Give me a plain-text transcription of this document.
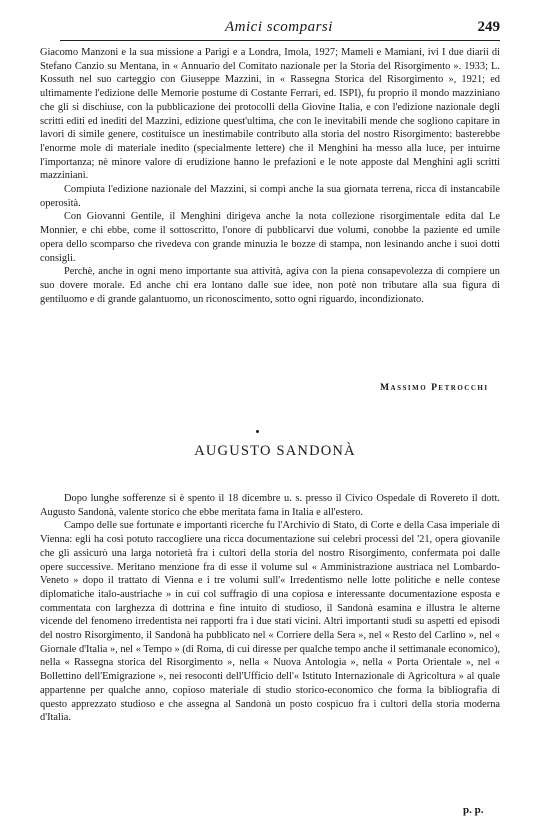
Amici scomparsi	249

Giacomo Manzoni e la sua missione a Parigi e a Londra, Imola, 1927; Mameli e Mamiani, ivi I due diarii di Stefano Canzio su Mentana, in « Annuario del Comitato nazionale per la Storia del Risorgimento ». 1933; L. Kossuth nel suo carteggio con Giuseppe Mazzini, in « Rassegna Storica del Risorgimento », 1921; ed ultimamente l'edizione delle Memorie postume di Costante Ferrari, ed. ISPI), fu proprio il mondo mazziniano che gli si dischiuse, con la pubblicazione dei protocolli della Giovine Italia, e con l'edizione nazionale degli scritti editi ed inediti del Mazzini, edizione quest'ultima, che con le inevitabili mende che sogliono capitare in lavori di simile genere, costituisce un inestimabile contributo alla storia del nostro Risorgimento: basterebbe l'enorme mole di materiale inedito (specialmente lettere) che il Menghini ha messo alla luce, per intuirne l'importanza; nè minore valore di erudizione hanno le prefazioni e le note apposte dal Menghini agli scritti mazziniani.

Compiuta l'edizione nazionale del Mazzini, si compì anche la sua giornata terrena, ricca di instancabile operosità.

Con Giovanni Gentile, il Menghini dirigeva anche la nota collezione risorgimentale edita dal Le Monnier, e chi ebbe, come il sottoscritto, l'onore di pubblicarvi due volumi, conobbe la paziente ed umile opera dello scomparso che rivedeva con grande minuzia le bozze di stampa, non lesinando anche i suoi dotti consigli.

Perchè, anche in ogni meno importante sua attività, agiva con la piena consapevolezza di compiere un suo dovere morale. Ed anche chi era lontano dalle sue idee, non potè non tributare alla sua figura di gentiluomo e di grande galantuomo, un riconoscimento, sotto ogni riguardo, incondizionato.

Massimo Petrocchi
AUGUSTO SANDONÀ

Dopo lunghe sofferenze si è spento il 18 dicembre u. s. presso il Civico Ospedale di Rovereto il dott. Augusto Sandonà, valente storico che ebbe meritata fama in Italia e all'estero.

Campo delle sue fortunate e importanti ricerche fu l'Archivio di Stato, di Corte e della Casa imperiale di Vienna: egli ha così potuto raccogliere una ricca documentazione sui celebri processi del '21, opera giovanile che gli assicurò una larga notorietà fra i cultori della storia del nostro Risorgimento, confermata poi dalle opere successive. Meritano menzione fra di esse il volume sul « Amministrazione austriaca nel Lombardo-Veneto » dopo il trattato di Vienna e i tre volumi sull'« Irredentismo nelle lotte politiche e nelle contese diplomatiche italo-austriache » in cui col suffragio di una copiosa e interessante documentazione esposta e commentata con larghezza di dottrina e fine intuito di studioso, il Sandonà esamina e illustra le alterne vicende del fenomeno irredentista nei rapporti fra i due stati vicini. Altri importanti studi su aspetti ed episodi del nostro Risorgimento, il Sandonà ha pubblicato nel « Corriere della Sera », nel « Resto del Carlino », nel « Giornale d'Italia », nel « Tempo » (di Roma, di cui diresse per qualche tempo anche il settimanale economico), nella « Rassegna storica del Risorgimento », nella « Nuova Antologia », nella « Porta Orientale », nel « Bollettino dell'Emigrazione », nei resoconti dell'Ufficio dell'« Istituto Internazionale di Agricoltura » al quale appartenne per qualche anno, copioso materiale di studio storico-economico che forma la bibliografia di questo apprezzato studioso e che assegna al Sandonà un posto cospicuo fra i cultori della storia moderna d'Italia.

p. p.
